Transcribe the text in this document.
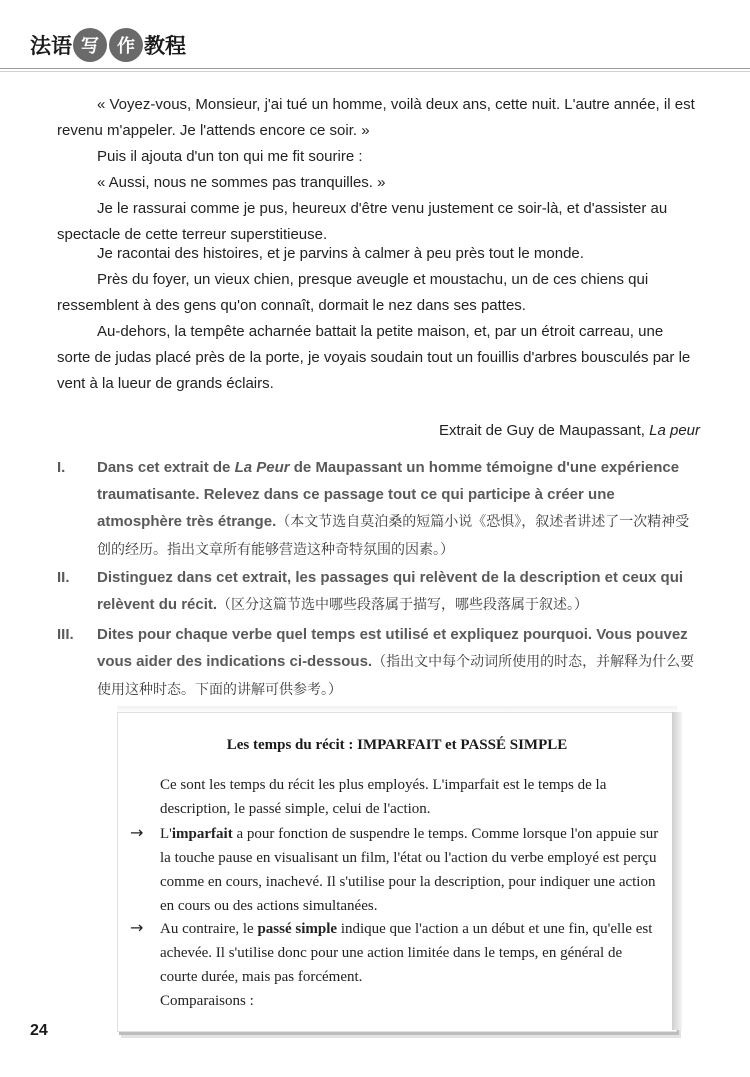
法语 写	作 教程

« Voyez-vous, Monsieur, j'ai tué un homme, voilà deux ans, cette nuit. L'autre année, il est revenu m'appeler. Je l'attends encore ce soir. »

Puis il ajouta d'un ton qui me fit sourire :

« Aussi, nous ne sommes pas tranquilles. »

Je le rassurai comme je pus, heureux d'être venu justement ce soir-là, et d'assister au spectacle de cette terreur superstitieuse.

Je racontai des histoires, et je parvins à calmer à peu près tout le monde.

Près du foyer, un vieux chien, presque aveugle et moustachu, un de ces chiens qui ressemblent à des gens qu'on connaît, dormait le nez dans ses pattes.

Au-dehors, la tempête acharnée battait la petite maison, et, par un étroit carreau, une sorte de judas placé près de la porte, je voyais soudain tout un fouillis d'arbres bousculés par le vent à la lueur de grands éclairs.

Extrait de Guy de Maupassant, La peur
I.	Dans cet extrait de La Peur de Maupassant un homme témoigne d'une expérience traumatisante. Relevez dans ce passage tout ce qui participe à créer une atmosphère très étrange.（本文节选自莫泊桑的短篇小说《恐惧》，叙述者讲述了一次精神受创的经历。指出文章所有能够营造这种奇特氛围的因素。）
II.	Distinguez dans cet extrait, les passages qui relèvent de la description et ceux qui relèvent du récit.（区分这篇节选中哪些段落属于描写，哪些段落属于叙述。）
III.	Dites pour chaque verbe quel temps est utilisé et expliquez pourquoi. Vous pouvez vous aider des indications ci-dessous.（指出文中每个动词所使用的时态，并解释为什么要使用这种时态。下面的讲解可供参考。）
Les temps du récit : IMPARFAIT et PASSÉ SIMPLE

Ce sont les temps du récit les plus employés. L'imparfait est le temps de la description, le passé simple, celui de l'action.

→ L'imparfait a pour fonction de suspendre le temps. Comme lorsque l'on appuie sur la touche pause en visualisant un film, l'état ou l'action du verbe employé est perçu comme en cours, inachevé. Il s'utilise pour la description, pour indiquer une action en cours ou des actions simultanées.

→ Au contraire, le passé simple indique que l'action a un début et une fin, qu'elle est achevée. Il s'utilise donc pour une action limitée dans le temps, en général de courte durée, mais pas forcément.

Comparaisons :

24
